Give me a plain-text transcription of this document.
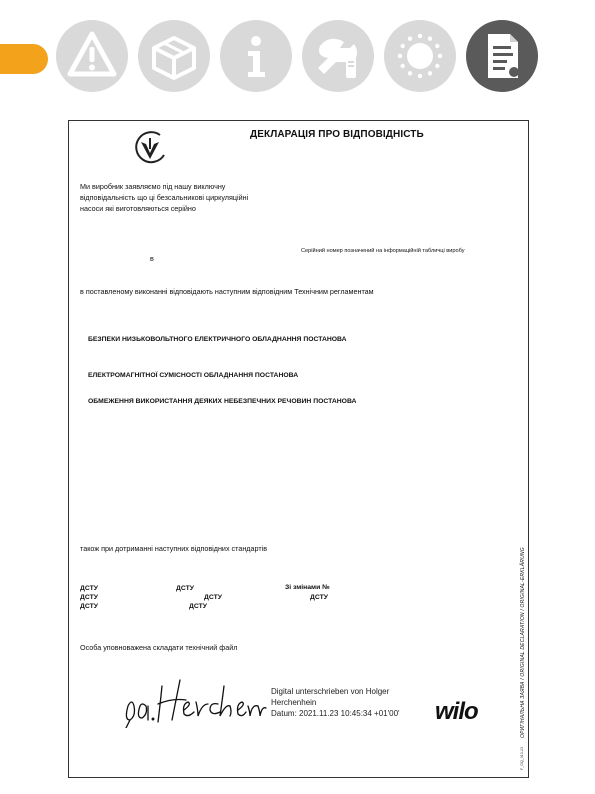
ДЕКЛАРАЦІЯ ПРО ВІДПОВІДНІСТЬ
Ми виробник заявляємо під нашу виключну
відповідальність що ці безсальникові циркуляційні
насоси які виготовляються серійно
в
Серійний номер позначений на інформаційній табличці виробу
в поставленому виконанні відповідають наступним відповідним Технічним регламентам
БЕЗПЕКИ НИЗЬКОВОЛЬТНОГО ЕЛЕКТРИЧНОГО ОБЛАДНАННЯ ПОСТАНОВА
ЕЛЕКТРОМАГНІТНОЇ СУМІСНОСТІ ОБЛАДНАННЯ ПОСТАНОВА
ОБМЕЖЕННЯ ВИКОРИСТАННЯ ДЕЯКИХ НЕБЕЗПЕЧНИХ РЕЧОВИН ПОСТАНОВА
також при дотриманні наступних відповідних стандартів
ДСТУ	ДСТУ	Зі змінами №
ДСТУ	ДСТУ	ДСТУ
ДСТУ	ДСТУ
Особа уповноважена складати технічний файл
Digital unterschrieben von Holger
Herchenhein
Datum: 2021.11.23 10:45:34 +01'00' wilo	ОРИГІНАЛЬНА ЗАЯВА / ORIGINAL DECLARATION / ORIGINAL-ERKLÄRUNG
F_GQ_013-23
